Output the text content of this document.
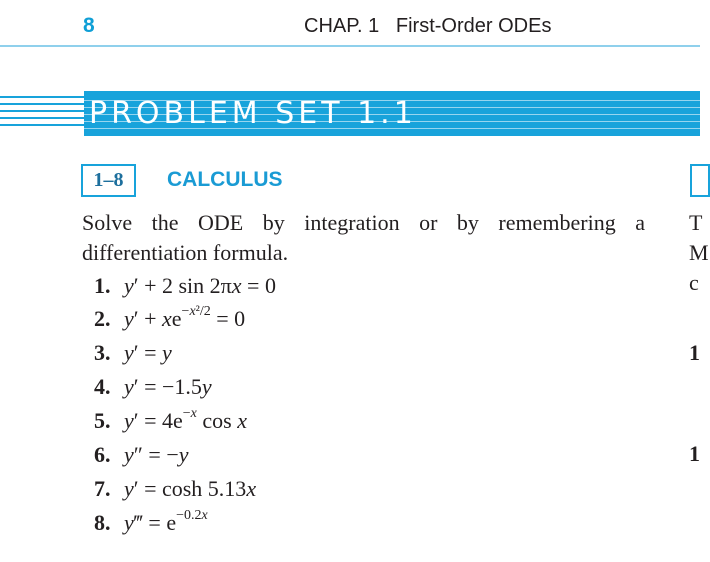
8	CHAP. 1   First-Order ODEs
PROBLEM SET 1.1
1–8	CALCULUS
Solve the ODE by integration or by remembering a differentiation formula.
1. y′ + 2 sin 2πx = 0
2. $y' + xe^{-x^2/2} = 0$
3. y′ = y
4. y′ = −1.5y
5. $y' = 4e^{-x}$ cos x
6. y″ = −y
7. y′ = cosh 5.13x
8. y‴ = $e^{-0.2x}$
T
M
c
1
1
